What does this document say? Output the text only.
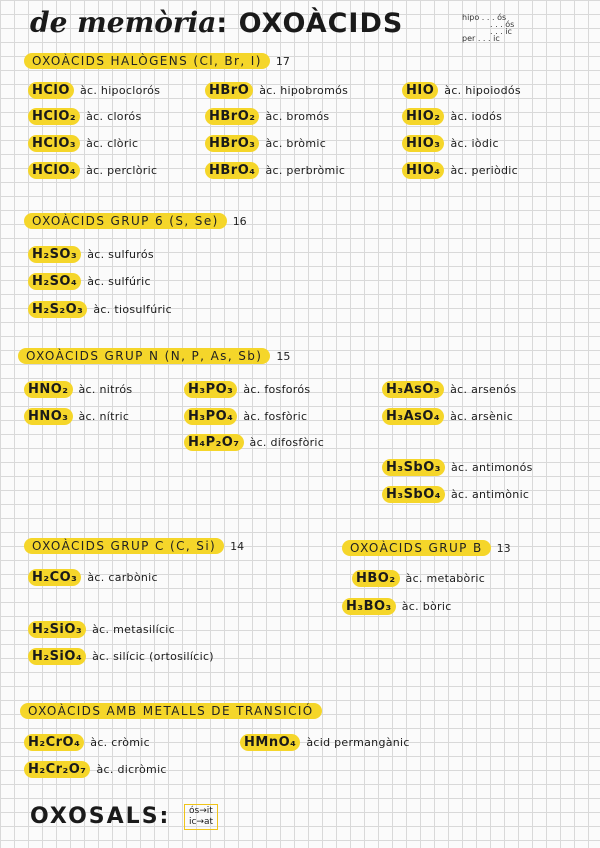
de memòria: OXOÀCIDS	hipo . . . ós
. . . ós
. . . ic
per . . . ic
OXOÀCIDS HALÒGENS (Cl, Br, I) 17
HClO àc. hipoclorós
HClO₂ àc. clorós
HClO₃ àc. clòric
HClO₄ àc. perclòric
HBrO àc. hipobromós
HBrO₂ àc. bromós
HBrO₃ àc. bròmic
HBrO₄ àc. perbròmic
HIO àc. hipoiodós
HIO₂ àc. iodós
HIO₃ àc. iòdic
HIO₄ àc. periòdic
OXOÀCIDS GRUP 6 (S, Se) 16
H₂SO₃ àc. sulfurós
H₂SO₄ àc. sulfúric
H₂S₂O₃ àc. tiosulfúric
OXOÀCIDS GRUP N (N, P, As, Sb) 15
HNO₂ àc. nitrós
HNO₃ àc. nítric
H₃PO₃ àc. fosforós
H₃PO₄ àc. fosfòric
H₄P₂O₇ àc. difosfòric
H₃AsO₃ àc. arsenós
H₃AsO₄ àc. arsènic
H₃SbO₃ àc. antimonós
H₃SbO₄ àc. antimònic
OXOÀCIDS GRUP C (C, Si) 14
H₂CO₃ àc. carbònic
H₂SiO₃ àc. metasilícic
H₂SiO₄ àc. silícic (ortosilícic)
OXOÀCIDS GRUP B 13
HBO₂ àc. metabòric
H₃BO₃ àc. bòric
OXOÀCIDS AMB METALLS DE TRANSICIÓ
H₂CrO₄ àc. cròmic
H₂Cr₂O₇ àc. dicròmic
HMnO₄ àcid permangànic
OXOSALS: ós→it
ic→at
